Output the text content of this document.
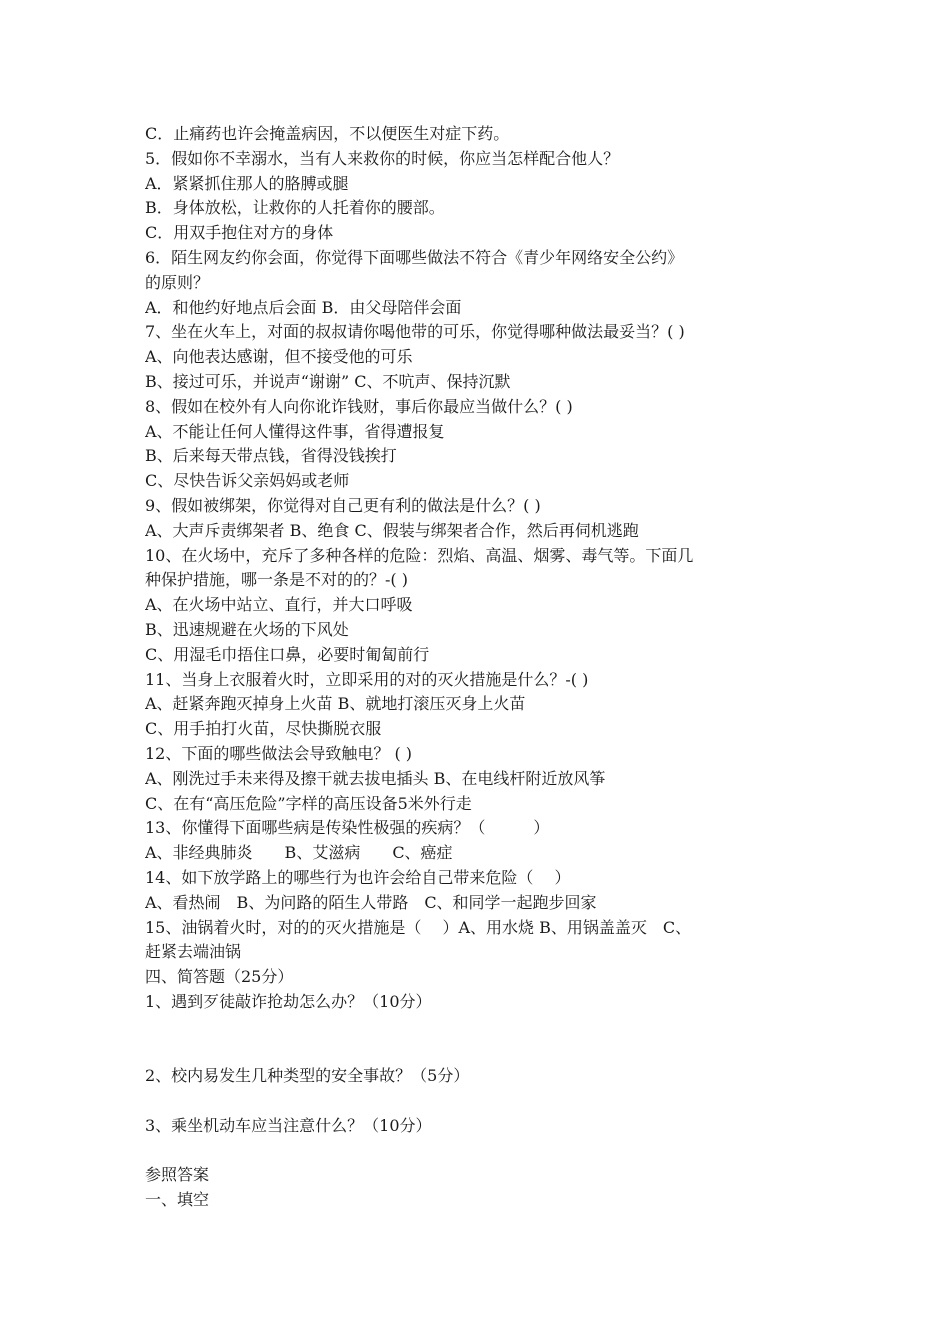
C．止痛药也许会掩盖病因，不以便医生对症下药。
5．假如你不幸溺水，当有人来救你的时候，你应当怎样配合他人？
A．紧紧抓住那人的胳膊或腿
B．身体放松，让救你的人托着你的腰部。
C．用双手抱住对方的身体
6．陌生网友约你会面，你觉得下面哪些做法不符合《青少年网络安全公约》
的原则？
A．和他约好地点后会面 B．由父母陪伴会面
7、坐在火车上，对面的叔叔请你喝他带的可乐，你觉得哪种做法最妥当？( )
A、向他表达感谢，但不接受他的可乐
B、接过可乐，并说声“谢谢” C、不吭声、保持沉默
8、假如在校外有人向你讹诈钱财，事后你最应当做什么？( )
A、不能让任何人懂得这件事，省得遭报复
B、后来每天带点钱，省得没钱挨打
C、尽快告诉父亲妈妈或老师
9、假如被绑架，你觉得对自己更有利的做法是什么？( )
A、大声斥责绑架者 B、绝食 C、假装与绑架者合作，然后再伺机逃跑
10、在火场中，充斥了多种各样的危险：烈焰、高温、烟雾、毒气等。下面几
种保护措施，哪一条是不对的的？-( )
A、在火场中站立、直行，并大口呼吸
B、迅速规避在火场的下风处
C、用湿毛巾捂住口鼻，必要时匍匐前行
11、当身上衣服着火时，立即采用的对的灭火措施是什么？-( )
A、赶紧奔跑灭掉身上火苗 B、就地打滚压灭身上火苗
C、用手拍打火苗，尽快撕脱衣服
12、下面的哪些做法会导致触电？ ( )
A、刚洗过手未来得及擦干就去拔电插头 B、在电线杆附近放风筝
C、在有“高压危险”字样的高压设备5米外行走
13、你懂得下面哪些病是传染性极强的疾病？（　　　）
A、非经典肺炎　　B、艾滋病　　C、癌症
14、如下放学路上的哪些行为也许会给自己带来危险（　 ）
A、看热闹　B、为问路的陌生人带路　C、和同学一起跑步回家
15、油锅着火时，对的的灭火措施是（　 ）A、用水烧 B、用锅盖盖灭　C、
赶紧去端油锅
四、简答题（25分）
1、遇到歹徒敲诈抢劫怎么办？（10分）
2、校内易发生几种类型的安全事故？（5分）
3、乘坐机动车应当注意什么？（10分）
参照答案
一、填空
